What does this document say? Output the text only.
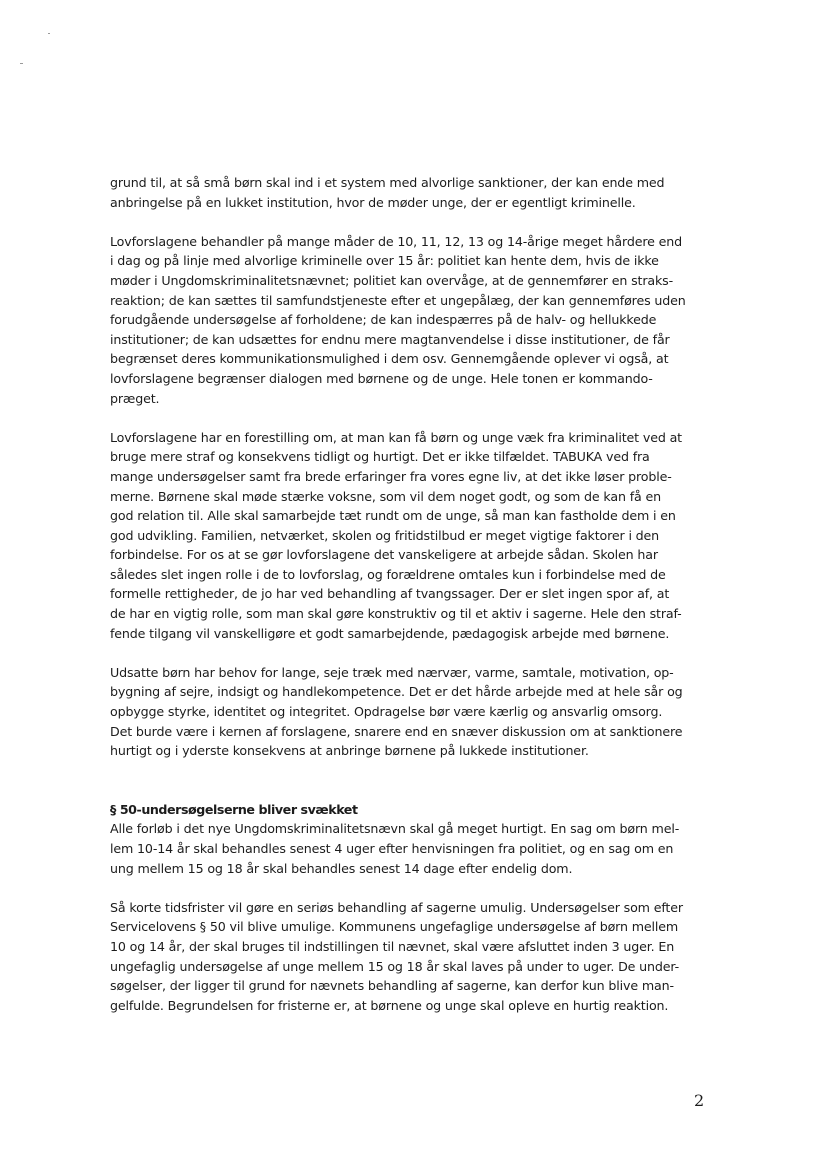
grund til, at så små børn skal ind i et system med alvorlige sanktioner, der kan ende med
anbringelse på en lukket institution, hvor de møder unge, der er egentligt kriminelle.
Lovforslagene behandler på mange måder de 10, 11, 12, 13 og 14-årige meget hårdere end
i dag og på linje med alvorlige kriminelle over 15 år: politiet kan hente dem, hvis de ikke
møder i Ungdomskriminalitetsnævnet; politiet kan overvåge, at de gennemfører en straks-
reaktion; de kan sættes til samfundstjeneste efter et ungepålæg, der kan gennemføres uden
forudgående undersøgelse af forholdene; de kan indespærres på de halv- og hellukkede
institutioner; de kan udsættes for endnu mere magtanvendelse i disse institutioner, de får
begrænset deres kommunikationsmulighed i dem osv. Gennemgående oplever vi også, at
lovforslagene begrænser dialogen med børnene og de unge. Hele tonen er kommando-
præget.
Lovforslagene har en forestilling om, at man kan få børn og unge væk fra kriminalitet ved at
bruge mere straf og konsekvens tidligt og hurtigt. Det er ikke tilfældet. TABUKA ved fra
mange undersøgelser samt fra brede erfaringer fra vores egne liv, at det ikke løser proble-
merne. Børnene skal møde stærke voksne, som vil dem noget godt, og som de kan få en
god relation til. Alle skal samarbejde tæt rundt om de unge, så man kan fastholde dem i en
god udvikling. Familien, netværket, skolen og fritidstilbud er meget vigtige faktorer i den
forbindelse. For os at se gør lovforslagene det vanskeligere at arbejde sådan. Skolen har
således slet ingen rolle i de to lovforslag, og forældrene omtales kun i forbindelse med de
formelle rettigheder, de jo har ved behandling af tvangssager. Der er slet ingen spor af, at
de har en vigtig rolle, som man skal gøre konstruktiv og til et aktiv i sagerne. Hele den straf-
fende tilgang vil vanskelligøre et godt samarbejdende, pædagogisk arbejde med børnene.
Udsatte børn har behov for lange, seje træk med nærvær, varme, samtale, motivation, op-
bygning af sejre, indsigt og handlekompetence. Det er det hårde arbejde med at hele sår og
opbygge styrke, identitet og integritet. Opdragelse bør være kærlig og ansvarlig omsorg.
Det burde være i kernen af forslagene, snarere end en snæver diskussion om at sanktionere
hurtigt og i yderste konsekvens at anbringe børnene på lukkede institutioner.
§ 50-undersøgelserne bliver svækket
Alle forløb i det nye Ungdomskriminalitetsnævn skal gå meget hurtigt. En sag om børn mel-
lem 10-14 år skal behandles senest 4 uger efter henvisningen fra politiet, og en sag om en
ung mellem 15 og 18 år skal behandles senest 14 dage efter endelig dom.
Så korte tidsfrister vil gøre en seriøs behandling af sagerne umulig. Undersøgelser som efter
Servicelovens § 50 vil blive umulige. Kommunens ungefaglige undersøgelse af børn mellem
10 og 14 år, der skal bruges til indstillingen til nævnet, skal være afsluttet inden 3 uger. En
ungefaglig undersøgelse af unge mellem 15 og 18 år skal laves på under to uger. De under-
søgelser, der ligger til grund for nævnets behandling af sagerne, kan derfor kun blive man-
gelfulde. Begrundelsen for fristerne er, at børnene og unge skal opleve en hurtig reaktion.
2
